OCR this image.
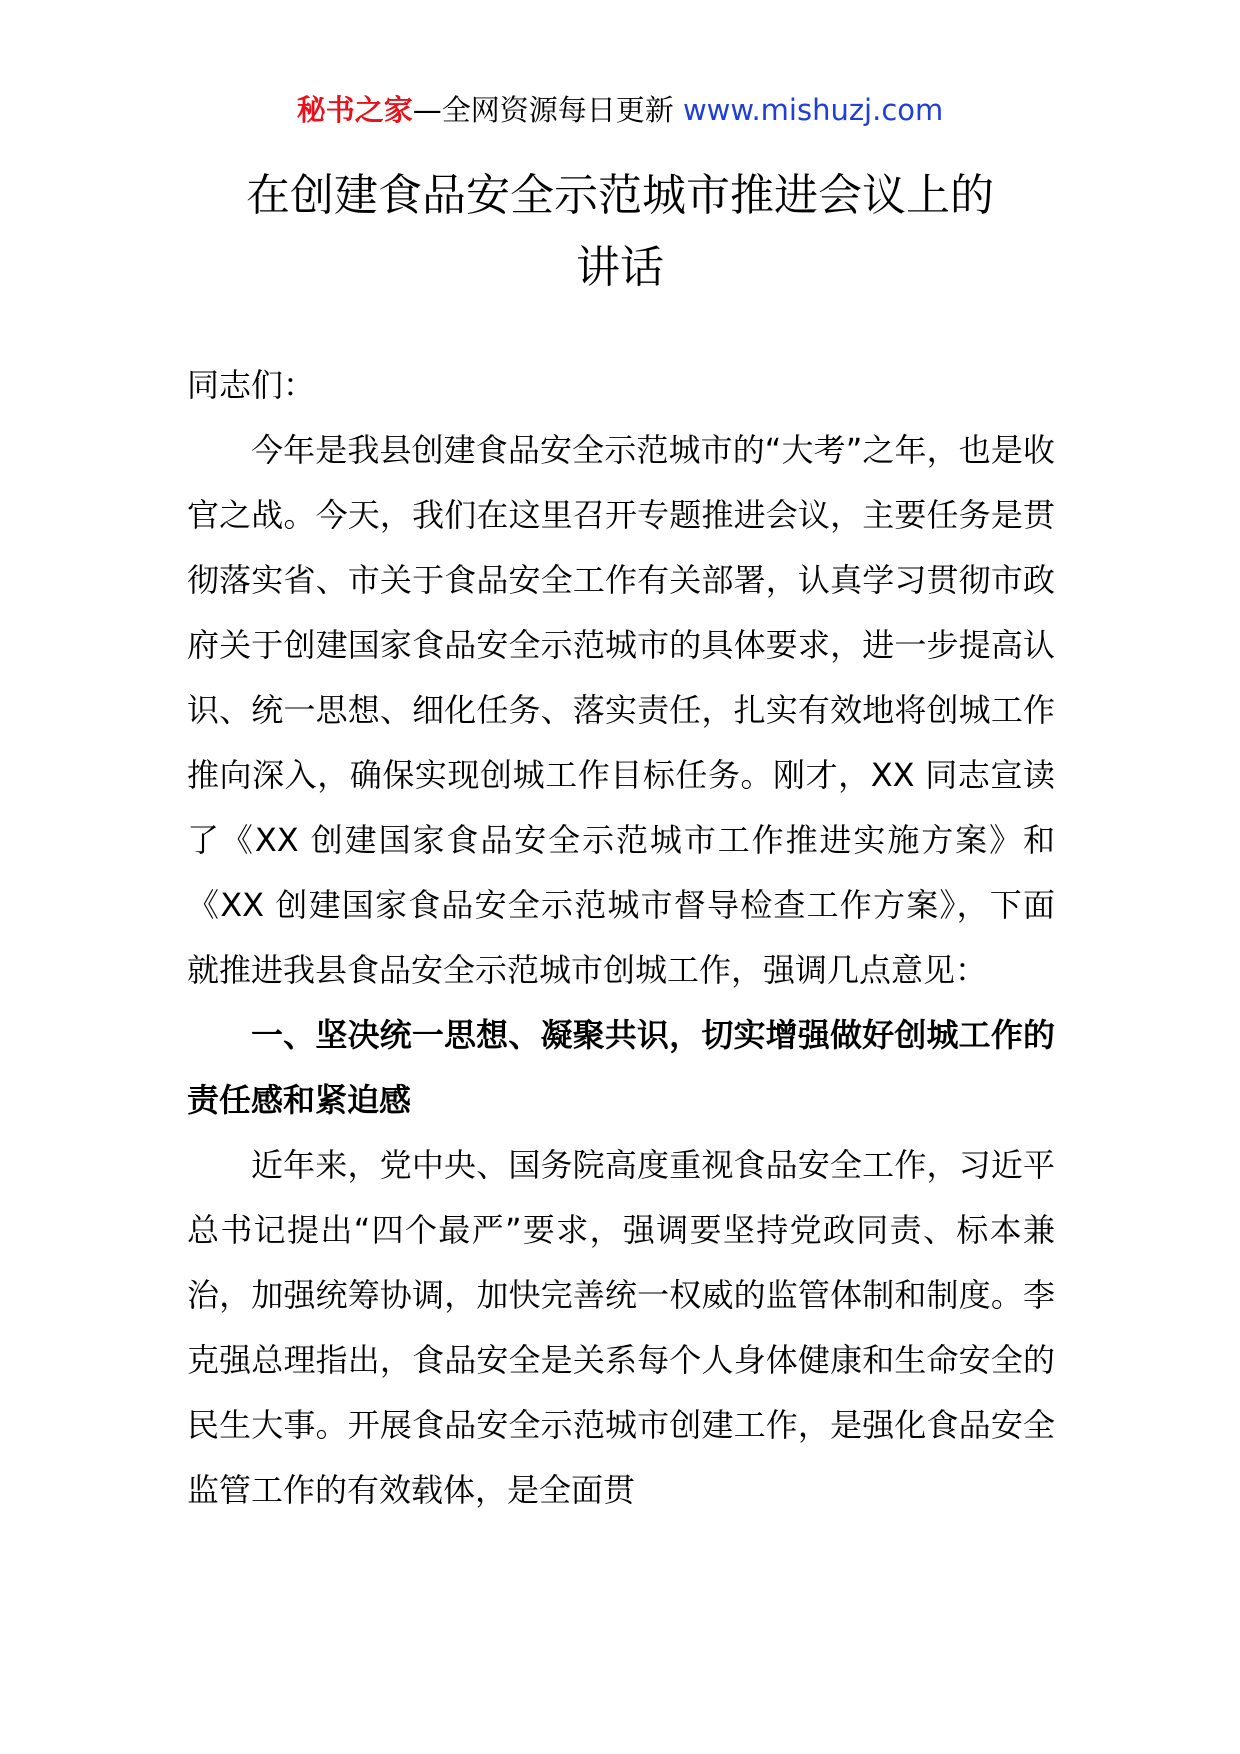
秘书之家—全网资源每日更新 www.mishuzj.com
在创建食品安全示范城市推进会议上的
讲话

同志们：

今年是我县创建食品安全示范城市的“大考”之年，也是收官之战。今天，我们在这里召开专题推进会议，主要任务是贯彻落实省、市关于食品安全工作有关部署，认真学习贯彻市政府关于创建国家食品安全示范城市的具体要求，进一步提高认识、统一思想、细化任务、落实责任，扎实有效地将创城工作推向深入，确保实现创城工作目标任务。刚才，XX 同志宣读了《XX 创建国家食品安全示范城市工作推进实施方案》和《XX 创建国家食品安全示范城市督导检查工作方案》，下面就推进我县食品安全示范城市创城工作，强调几点意见：

一、坚决统一思想、凝聚共识，切实增强做好创城工作的责任感和紧迫感

近年来，党中央、国务院高度重视食品安全工作，习近平总书记提出“四个最严”要求，强调要坚持党政同责、标本兼治，加强统筹协调，加快完善统一权威的监管体制和制度。李克强总理指出，食品安全是关系每个人身体健康和生命安全的民生大事。开展食品安全示范城市创建工作，是强化食品安全监管工作的有效载体，是全面贯
